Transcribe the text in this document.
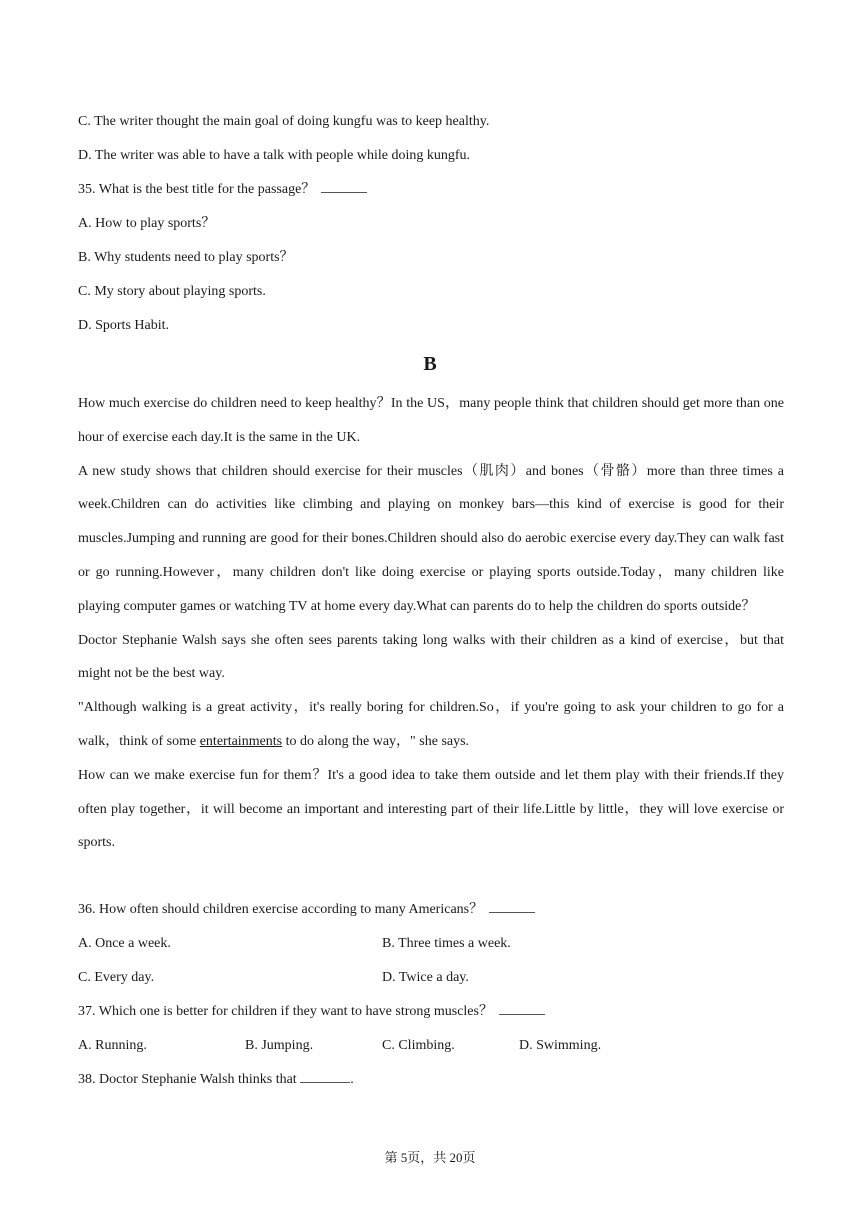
C. The writer thought the main goal of doing kungfu was to keep healthy.
D. The writer was able to have a talk with people while doing kungfu.
35. What is the best title for the passage？
A. How to play sports？
B. Why students need to play sports？
C. My story about playing sports.
D. Sports Habit.
B

How much exercise do children need to keep healthy？In the US，many people think that children should get more than one hour of exercise each day.It is the same in the UK.

A new study shows that children should exercise for their muscles（肌肉）and bones（骨骼）more than three times a week.Children can do activities like climbing and playing on monkey bars—this kind of exercise is good for their muscles.Jumping and running are good for their bones.Children should also do aerobic exercise every day.They can walk fast or go running.However，many children don't like doing exercise or playing sports outside.Today，many children like playing computer games or watching TV at home every day.What can parents do to help the children do sports outside？

Doctor Stephanie Walsh says she often sees parents taking long walks with their children as a kind of exercise，but that might not be the best way.

"Although walking is a great activity，it's really boring for children.So，if you're going to ask your children to go for a walk，think of some entertainments to do along the way，" she says.

How can we make exercise fun for them？It's a good idea to take them outside and let them play with their friends.If they often play together，it will become an important and interesting part of their life.Little by little，they will love exercise or sports.

36. How often should children exercise according to many Americans？
A. Once a week.	B. Three times a week.
C. Every day.	D. Twice a day.
37. Which one is better for children if they want to have strong muscles？
A. Running.	B. Jumping.	C. Climbing.	D. Swimming.
38. Doctor Stephanie Walsh thinks that	.
第 5页，共 20页
